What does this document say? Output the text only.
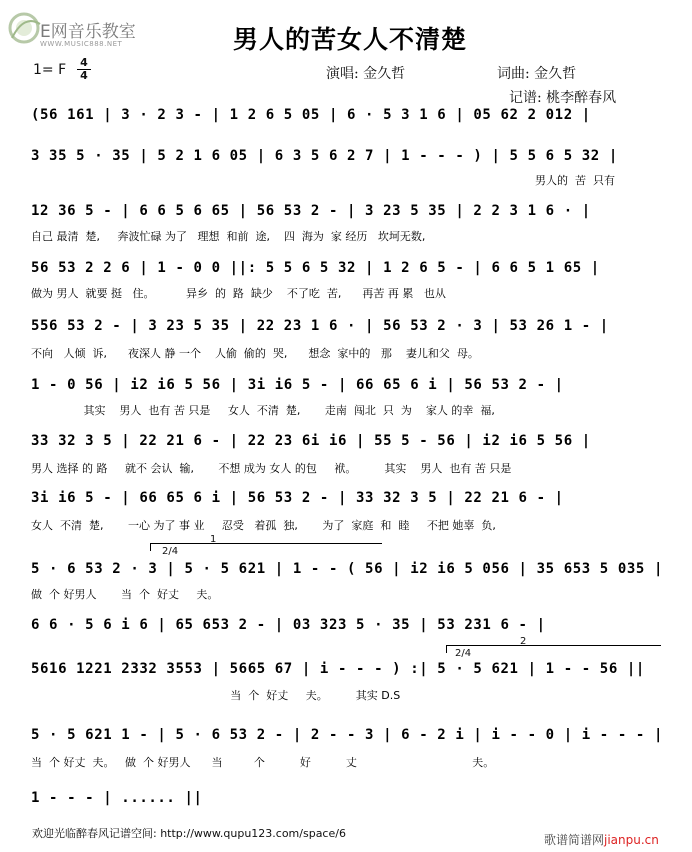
E网音乐教室
WWW.MUSIC888.NET	男人的苦女人不清楚
1= F 4
4	演唱: 金久哲	词曲: 金久哲
记谱: 桃李醉春风
(56 161 | 3 · 2 3 - | 1 2 6 5 05 | 6 · 5 3 1 6 | 05 62 2 012 |
3 35 5 · 35 | 5 2 1 6 05 | 6 3 5 6 2 7 | 1 - - - ) | 5 5 6 5 32 |
男人的  苦  只有
12 36 5 - | 6 6 5 6 65 | 56 53 2 - | 3 23 5 35 | 2 2 3 1 6 · |
自己 最清  楚,     奔波忙碌 为了   理想  和前  途,    四  海为  家 经历   坎坷无数,
56 53 2 2 6 | 1 - 0 0 ||: 5 5 6 5 32 | 1 2 6 5 - | 6 6 5 1 65 |
做为 男人  就要 挺   住。         异乡  的  路  缺少    不了吃  苦,      再苦 再 累   也从
556 53 2 - | 3 23 5 35 | 22 23 1 6 · | 56 53 2 · 3 | 53 26 1 - |
不向   人倾  诉,      夜深人 静 一个    人偷  偷的  哭,      想念  家中的   那    妻儿和父  母。
1 - 0 56 | i2 i6 5 56 | 3i i6 5 - | 66 65 6 i | 56 53 2 - |
其实    男人  也有 苦 只是     女人  不清  楚,       走南  闯北  只  为    家人 的幸  福,
33 32 3 5 | 22 21 6 - | 22 23 6i i6 | 55 5 - 56 | i2 i6 5 56 |
男人 选择 的 路     就不 会认  输,       不想 成为 女人 的包     袱。        其实    男人  也有 苦 只是
3i i6 5 - | 66 65 6 i | 56 53 2 - | 33 32 3 5 | 22 21 6 - |
女人  不清  楚,       一心 为了 事 业     忍受   着孤  独,       为了  家庭  和  睦     不把 她辜  负,
1
2/4
5 · 6 53 2 · 3 | 5 · 5 621 | 1 - - ( 56 | i2 i6 5 056 | 35 653 5 035 |
做  个 好男人       当  个  好丈     夫。
6 6 · 5 6 i 6 | 65 653 2 - | 03 323 5 · 35 | 53 231 6 - |
2
2/4
5616 1221 2332 3553 | 5665 67 | i - - - ) :| 5 · 5 621 | 1 - - 56 ||
当  个  好丈     夫。        其实 D.S
5 · 5 621 1 - | 5 · 6 53 2 - | 2 - - 3 | 6 - 2 i | i - - 0 | i - - - |
当  个 好丈  夫。   做  个 好男人      当         个          好          丈                                 夫。
1 - - - | ...... ||
欢迎光临醉春风记谱空间: http://www.qupu123.com/space/6	歌谱简谱网jianpu.cn
